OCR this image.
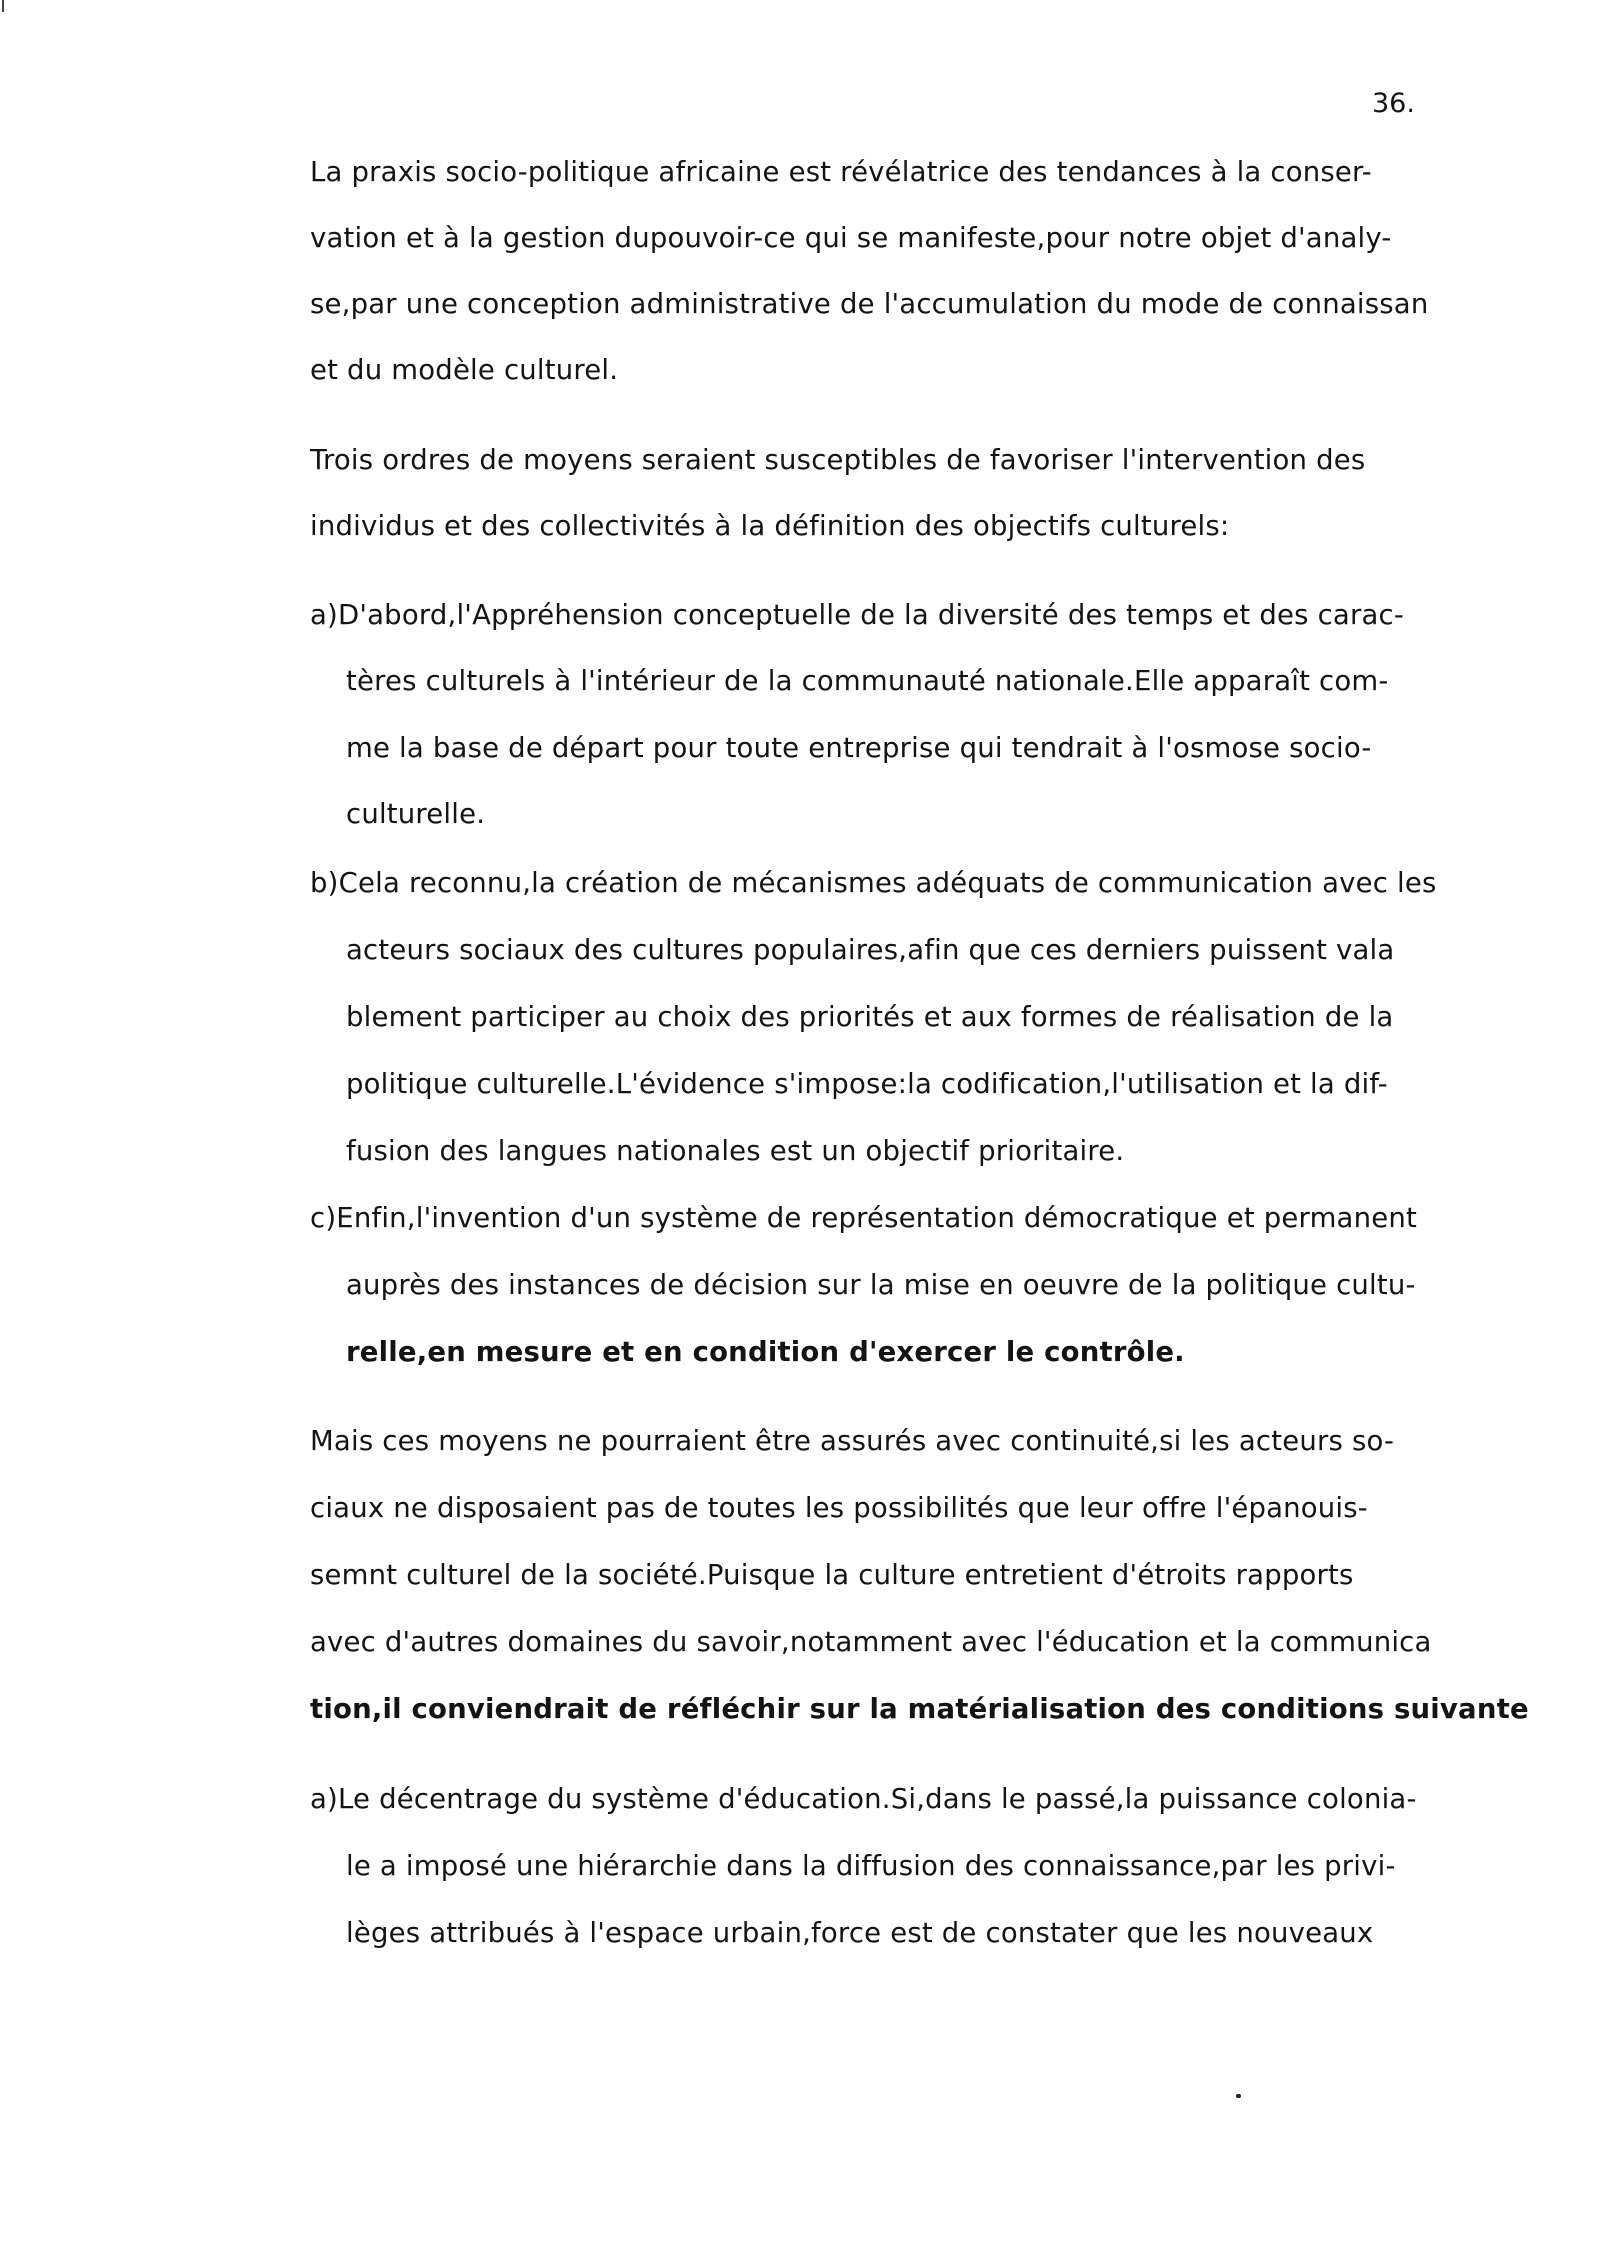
36.
La praxis socio-politique africaine est révélatrice des tendances à la conser-
vation et à la gestion dupouvoir-ce qui se manifeste,pour notre objet d'analy-
se,par une conception administrative de l'accumulation du mode de connaissan
et du modèle culturel.
Trois ordres de moyens seraient susceptibles de favoriser l'intervention des
individus et des collectivités à la définition des objectifs culturels:
a)D'abord,l'Appréhension conceptuelle de la diversité des temps et des carac-
tères culturels à l'intérieur de la communauté nationale.Elle apparaît com-
me la base de départ pour toute entreprise qui tendrait à l'osmose socio-
culturelle.
b)Cela reconnu,la création de mécanismes adéquats de communication avec les
acteurs sociaux des cultures populaires,afin que ces derniers puissent vala
blement participer au choix des priorités et aux formes de réalisation de la
politique culturelle.L'évidence s'impose:la codification,l'utilisation et la dif-
fusion des langues nationales est un objectif prioritaire.
c)Enfin,l'invention d'un système de représentation démocratique et permanent
auprès des instances de décision sur la mise en oeuvre de la politique cultu-
relle,en mesure et en condition d'exercer le contrôle.
Mais ces moyens ne pourraient être assurés avec continuité,si les acteurs so-
ciaux ne disposaient pas de toutes les possibilités que leur offre l'épanouis-
semnt culturel de la société.Puisque la culture entretient d'étroits rapports
avec d'autres domaines du savoir,notamment avec l'éducation et la communica
tion,il conviendrait de réfléchir sur la matérialisation des conditions suivante
a)Le décentrage du système d'éducation.Si,dans le passé,la puissance colonia-
le a imposé une hiérarchie dans la diffusion des connaissance,par les privi-
lèges attribués à l'espace urbain,force est de constater que les nouveaux
